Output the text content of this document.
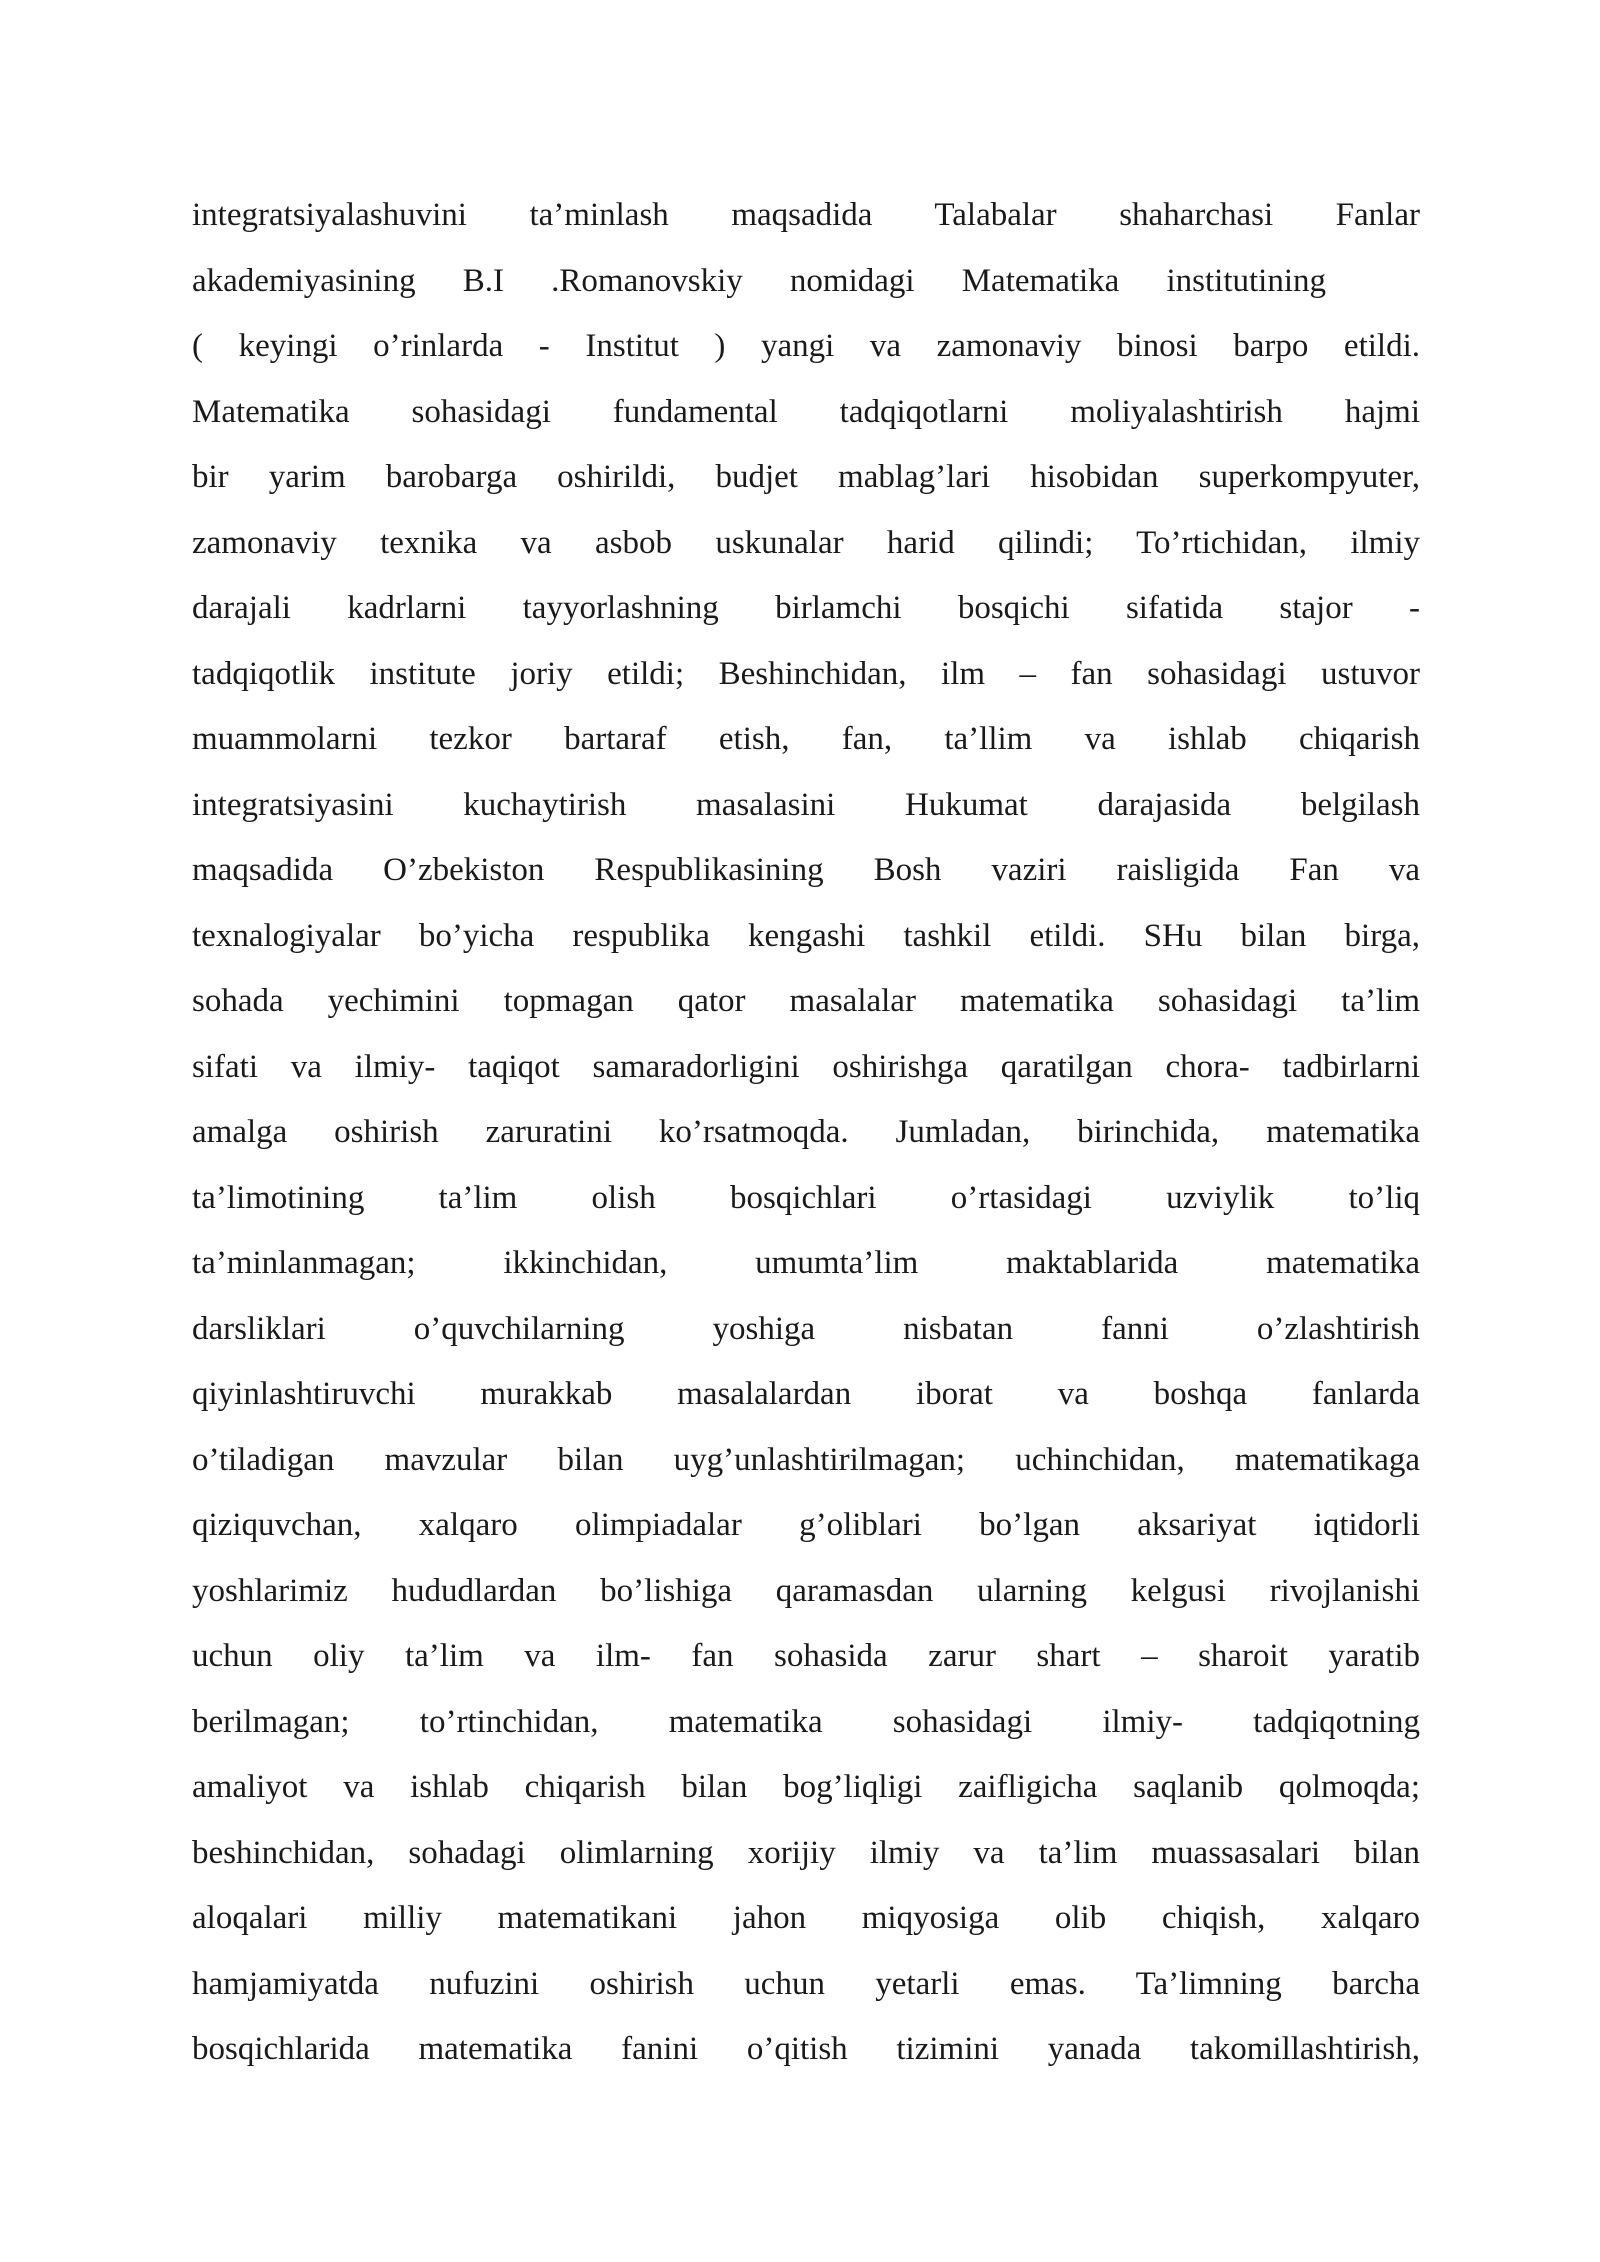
integratsiyalashuvini ta’minlash maqsadida Talabalar shaharchasi Fanlar
akademiyasining B.I .Romanovskiy nomidagi Matematika institutining
( keyingi o’rinlarda - Institut ) yangi va zamonaviy binosi barpo etildi.
Matematika sohasidagi fundamental tadqiqotlarni moliyalashtirish hajmi
bir yarim barobarga oshirildi, budjet mablag’lari hisobidan superkompyuter,
zamonaviy texnika va asbob uskunalar harid qilindi; To’rtichidan, ilmiy
darajali kadrlarni tayyorlashning birlamchi bosqichi sifatida stajor -
tadqiqotlik institute joriy etildi; Beshinchidan, ilm – fan sohasidagi ustuvor
muammolarni tezkor bartaraf etish, fan, ta’llim va ishlab chiqarish
integratsiyasini kuchaytirish masalasini Hukumat darajasida belgilash
maqsadida O’zbekiston Respublikasining Bosh vaziri raisligida Fan va
texnalogiyalar bo’yicha respublika kengashi tashkil etildi. SHu bilan birga,
sohada yechimini topmagan qator masalalar matematika sohasidagi ta’lim
sifati va ilmiy- taqiqot samaradorligini oshirishga qaratilgan chora- tadbirlarni
amalga oshirish zaruratini ko’rsatmoqda. Jumladan, birinchida, matematika
ta’limotining ta’lim olish bosqichlari o’rtasidagi uzviylik to’liq
ta’minlanmagan; ikkinchidan, umumta’lim maktablarida matematika
darsliklari o’quvchilarning yoshiga nisbatan fanni o’zlashtirish
qiyinlashtiruvchi murakkab masalalardan iborat va boshqa fanlarda
o’tiladigan mavzular bilan uyg’unlashtirilmagan; uchinchidan, matematikaga
qiziquvchan, xalqaro olimpiadalar g’oliblari bo’lgan aksariyat iqtidorli
yoshlarimiz hududlardan bo’lishiga qaramasdan ularning kelgusi rivojlanishi
uchun oliy ta’lim va ilm- fan sohasida zarur shart – sharoit yaratib
berilmagan; to’rtinchidan, matematika sohasidagi ilmiy- tadqiqotning
amaliyot va ishlab chiqarish bilan bog’liqligi zaifligicha saqlanib qolmoqda;
beshinchidan, sohadagi olimlarning xorijiy ilmiy va ta’lim muassasalari bilan
aloqalari milliy matematikani jahon miqyosiga olib chiqish, xalqaro
hamjamiyatda nufuzini oshirish uchun yetarli emas. Ta’limning barcha
bosqichlarida matematika fanini o’qitish tizimini yanada takomillashtirish,
